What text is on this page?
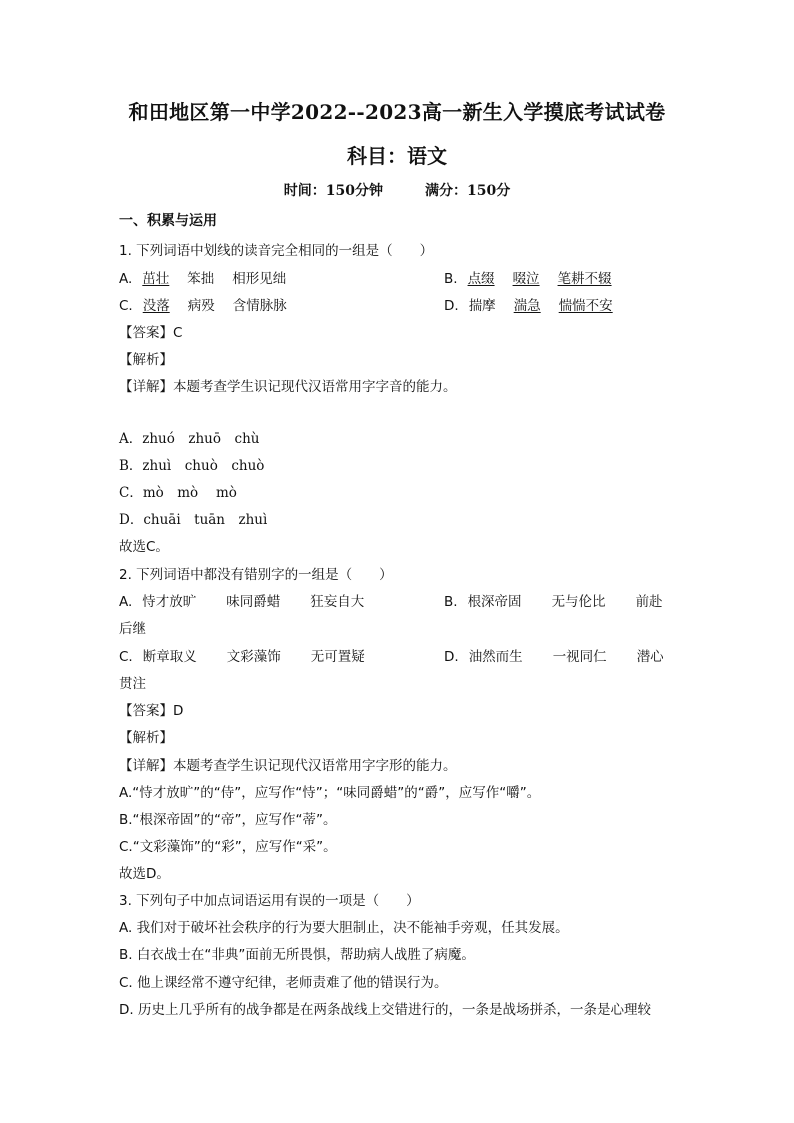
和田地区第一中学2022--2023高一新生入学摸底考试试卷
科目：语文
时间：150分钟	满分：150分
一、积累与运用
1. 下列词语中划线的读音完全相同的一组是（　　）
A. 茁壮 笨拙 相形见绌	B. 点缀 啜泣 笔耕不辍
C. 没落 病殁 含情脉脉	D. 揣摩 湍急 惴惴不安
【答案】C
【解析】
【详解】本题考查学生识记现代汉语常用字字音的能力。
A．zhuó　zhuō　chù
B．zhuì　chuò　chuò
C．mò　mò　 mò
D．chuāi　tuān　zhuì
故选C。
2. 下列词语中都没有错别字的一组是（　　）
A. 恃才放旷 味同爵蜡 狂妄自大	B. 根深帝固 无与伦比 前赴
后继
C. 断章取义 文彩藻饰 无可置疑	D. 油然而生 一视同仁 潜心
贯注
【答案】D
【解析】
【详解】本题考查学生识记现代汉语常用字字形的能力。
A.“恃才放旷”的“侍”，应写作“恃”；“味同爵蜡”的“爵”，应写作“嚼”。
B.“根深帝固”的“帝”，应写作“蒂”。
C.“文彩藻饰”的“彩”，应写作“采”。
故选D。
3. 下列句子中加点词语运用有误的一项是（　　）
A. 我们对于破坏社会秩序的行为要大胆制止，决不能袖手旁观，任其发展。
B. 白衣战士在“非典”面前无所畏惧，帮助病人战胜了病魔。
C. 他上课经常不遵守纪律，老师责难了他的错误行为。
D. 历史上几乎所有的战争都是在两条战线上交错进行的，一条是战场拼杀，一条是心理较
